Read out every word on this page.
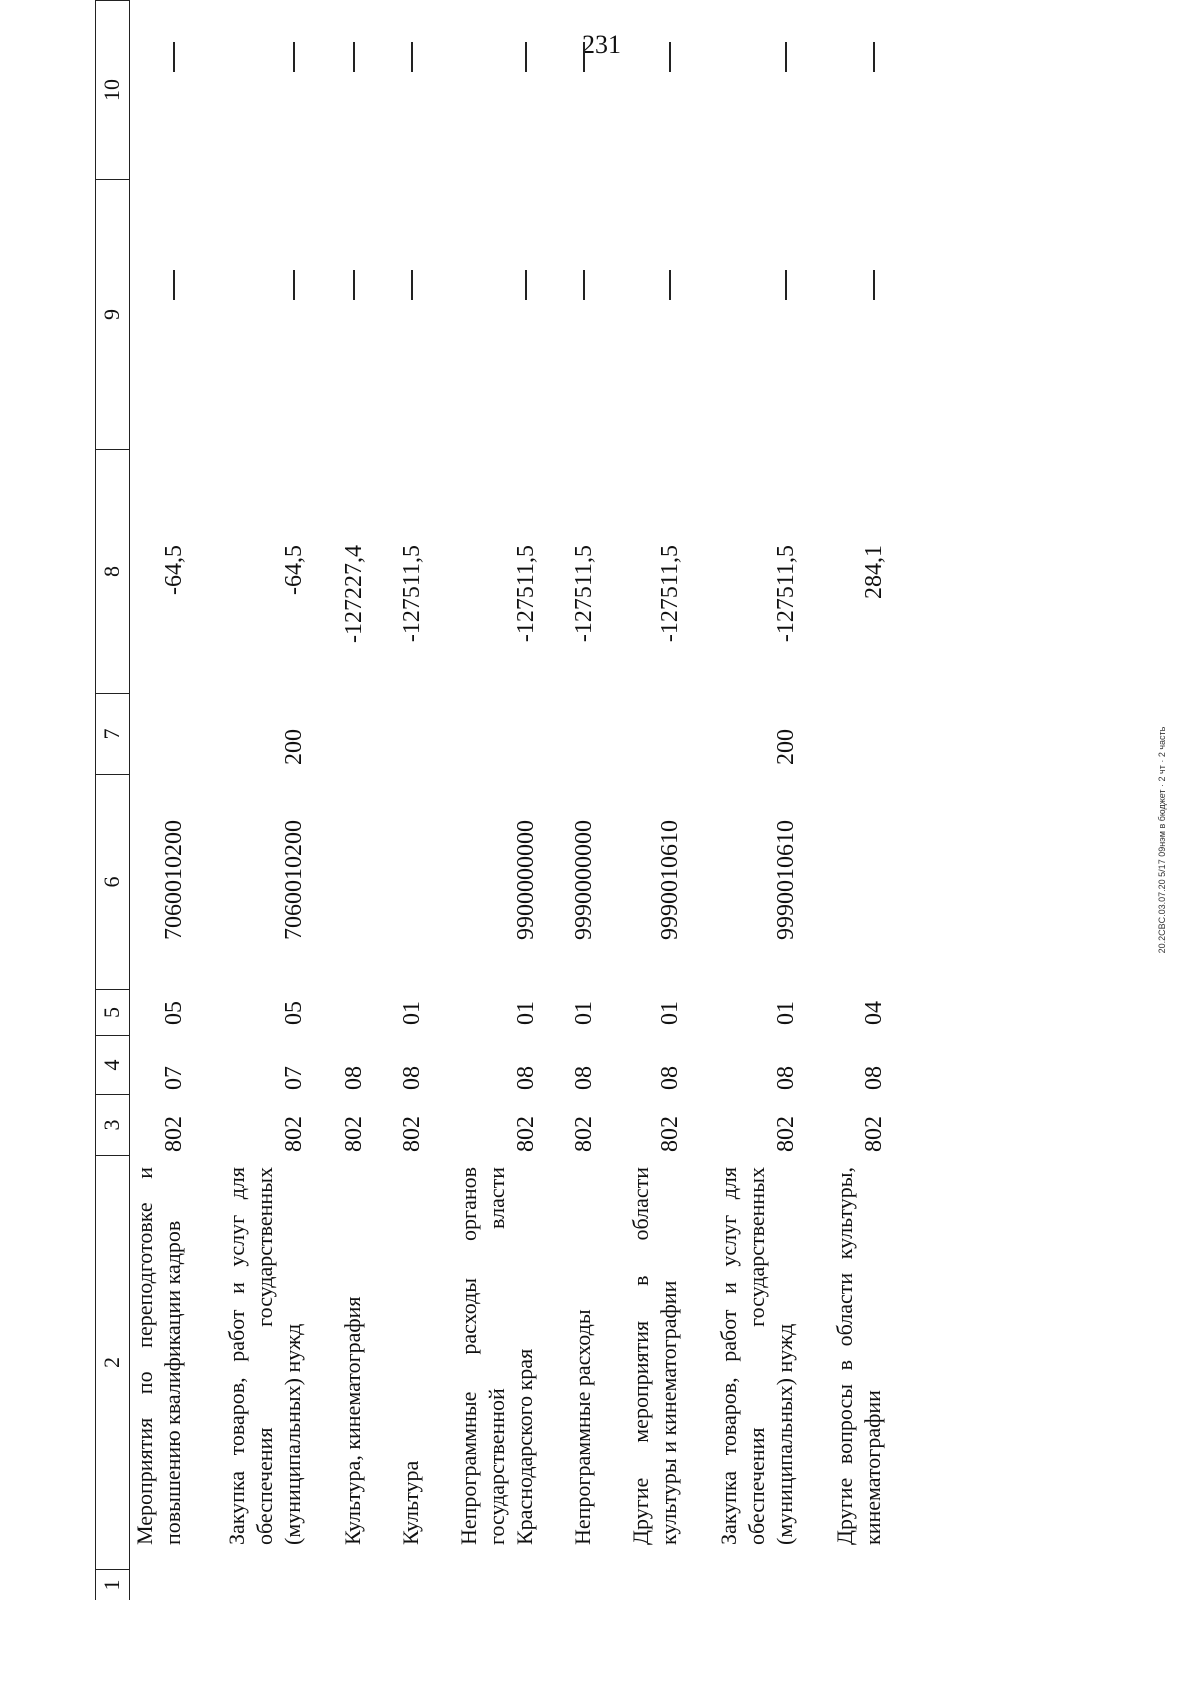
231
1
2
3
4
5
6
7
8
9
10
Мероприятия по переподготовке и повышению квалификации кадров
802
07
05
7060010200
-64,5
Закупка товаров, работ и услуг для обеспечения государственных (муниципальных) нужд
802
07
05
7060010200
200
-64,5
Культура, кинематография
802
08
-127227,4
Культура
802
08
01
-127511,5
Непрограммные расходы органов государственной власти Краснодарского края
802
08
01
9900000000
-127511,5
Непрограммные расходы
802
08
01
9990000000
-127511,5
Другие мероприятия в области культуры и кинематографии
802
08
01
9990010610
-127511,5
Закупка товаров, работ и услуг для обеспечения государственных (муниципальных) нужд
802
08
01
9990010610
200
-127511,5
Другие вопросы в области культуры, кинематографии
802
08
04
284,1
20.2CBC.03.07.20 5/17 09нэм в бюджет · 2 чт · 2 часть
